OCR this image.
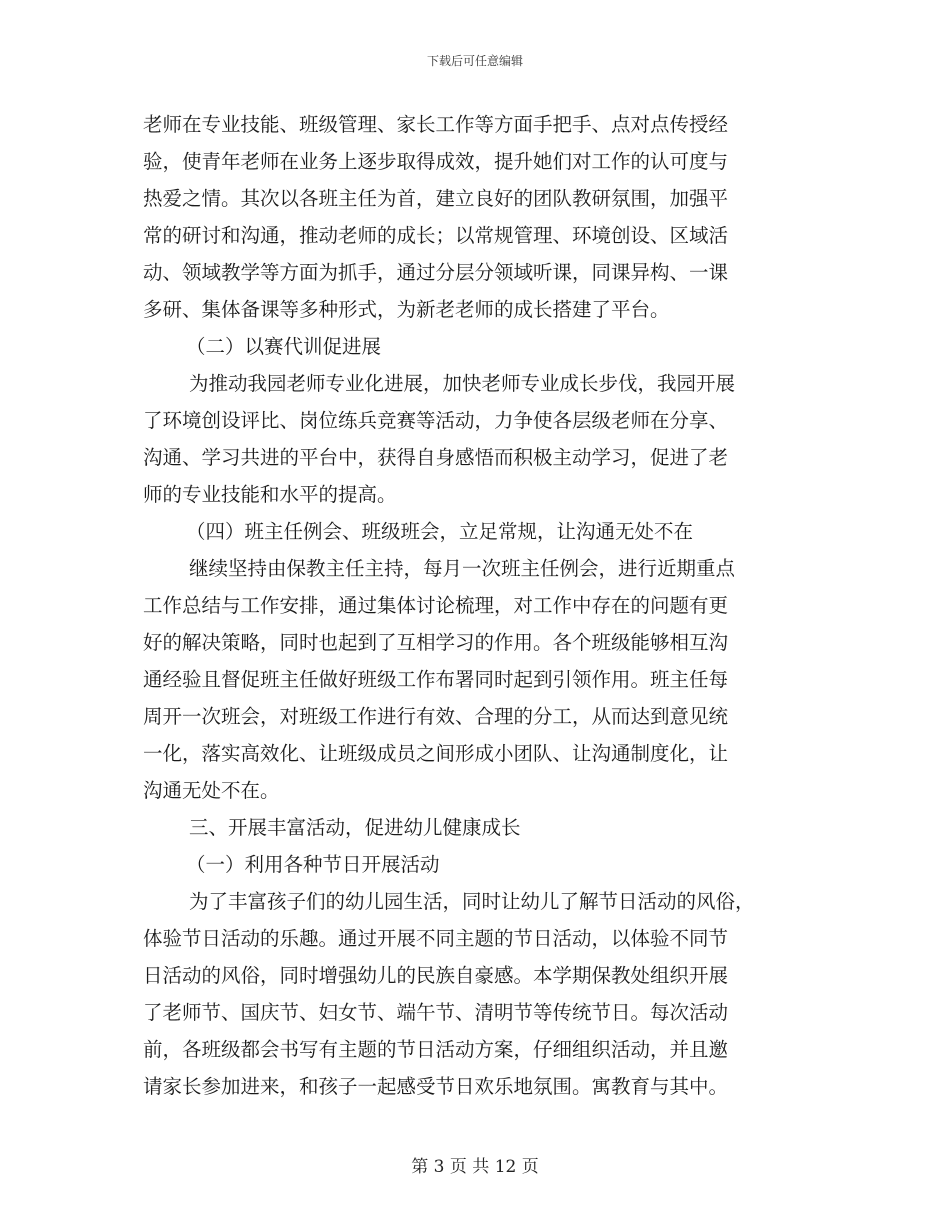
下载后可任意编辑
老师在专业技能、班级管理、家长工作等方面手把手、点对点传授经
验，使青年老师在业务上逐步取得成效，提升她们对工作的认可度与
热爱之情。其次以各班主任为首，建立良好的团队教研氛围，加强平
常的研讨和沟通，推动老师的成长；以常规管理、环境创设、区域活
动、领域教学等方面为抓手，通过分层分领域听课，同课异构、一课
多研、集体备课等多种形式，为新老老师的成长搭建了平台。
（二）以赛代训促进展
为推动我园老师专业化进展，加快老师专业成长步伐，我园开展
了环境创设评比、岗位练兵竞赛等活动，力争使各层级老师在分享、
沟通、学习共进的平台中，获得自身感悟而积极主动学习，促进了老
师的专业技能和水平的提高。
（四）班主任例会、班级班会，立足常规，让沟通无处不在
继续坚持由保教主任主持，每月一次班主任例会，进行近期重点
工作总结与工作安排，通过集体讨论梳理，对工作中存在的问题有更
好的解决策略，同时也起到了互相学习的作用。各个班级能够相互沟
通经验且督促班主任做好班级工作布署同时起到引领作用。班主任每
周开一次班会，对班级工作进行有效、合理的分工，从而达到意见统
一化，落实高效化、让班级成员之间形成小团队、让沟通制度化，让
沟通无处不在。
三、开展丰富活动，促进幼儿健康成长
（一）利用各种节日开展活动
为了丰富孩子们的幼儿园生活，同时让幼儿了解节日活动的风俗，
体验节日活动的乐趣。通过开展不同主题的节日活动，以体验不同节
日活动的风俗，同时增强幼儿的民族自豪感。本学期保教处组织开展
了老师节、国庆节、妇女节、端午节、清明节等传统节日。每次活动
前，各班级都会书写有主题的节日活动方案，仔细组织活动，并且邀
请家长参加进来，和孩子一起感受节日欢乐地氛围。寓教育与其中。
第 3 页 共 12 页
